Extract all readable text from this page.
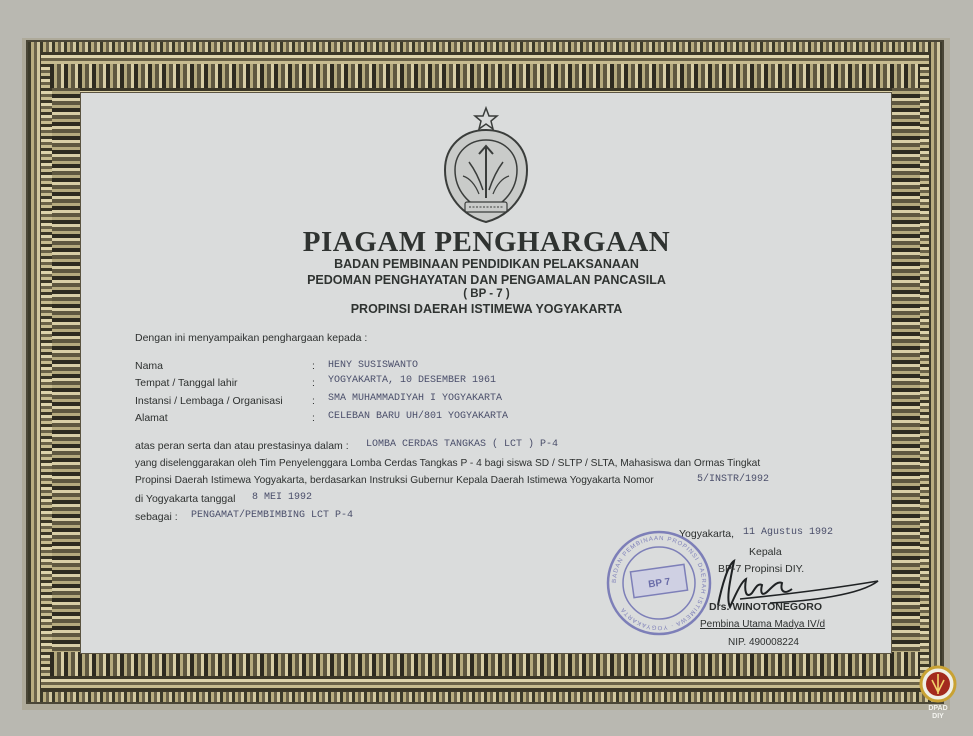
PIAGAM PENGHARGAAN
BADAN PEMBINAAN PENDIDIKAN PELAKSANAAN
PEDOMAN PENGHAYATAN DAN PENGAMALAN PANCASILA
( BP - 7 )
PROPINSI DAERAH ISTIMEWA YOGYAKARTA
Dengan ini menyampaikan penghargaan kepada :
Nama	: HENY SUSISWANTO
Tempat / Tanggal lahir	: YOGYAKARTA, 10 DESEMBER 1961
Instansi / Lembaga / Organisasi	: SMA MUHAMMADIYAH I YOGYAKARTA
Alamat	: CELEBAN BARU UH/801 YOGYAKARTA
atas peran serta dan atau prestasinya dalam : LOMBA CERDAS TANGKAS ( LCT ) P-4
yang diselenggarakan oleh Tim Penyelenggara Lomba Cerdas Tangkas P - 4 bagi siswa SD / SLTP / SLTA, Mahasiswa dan Ormas Tingkat
Propinsi Daerah Istimewa Yogyakarta, berdasarkan Instruksi Gubernur Kepala Daerah Istimewa Yogyakarta Nomor	5/INSTR/1992
di Yogyakarta tanggal 8 MEI 1992
sebagai : PENGAMAT/PEMBIMBING LCT P-4
Yogyakarta, 11 Agustus 1992
Kepala
BP-7 Propinsi DIY.
BP 7
BADAN PEMBINAAN PROPINSI DAERAH ISTIMEWA · YOGYAKARTA	Drs. WINOTONEGORO
Pembina Utama Madya IV/d
NIP. 490008224
DPAD
DIY
